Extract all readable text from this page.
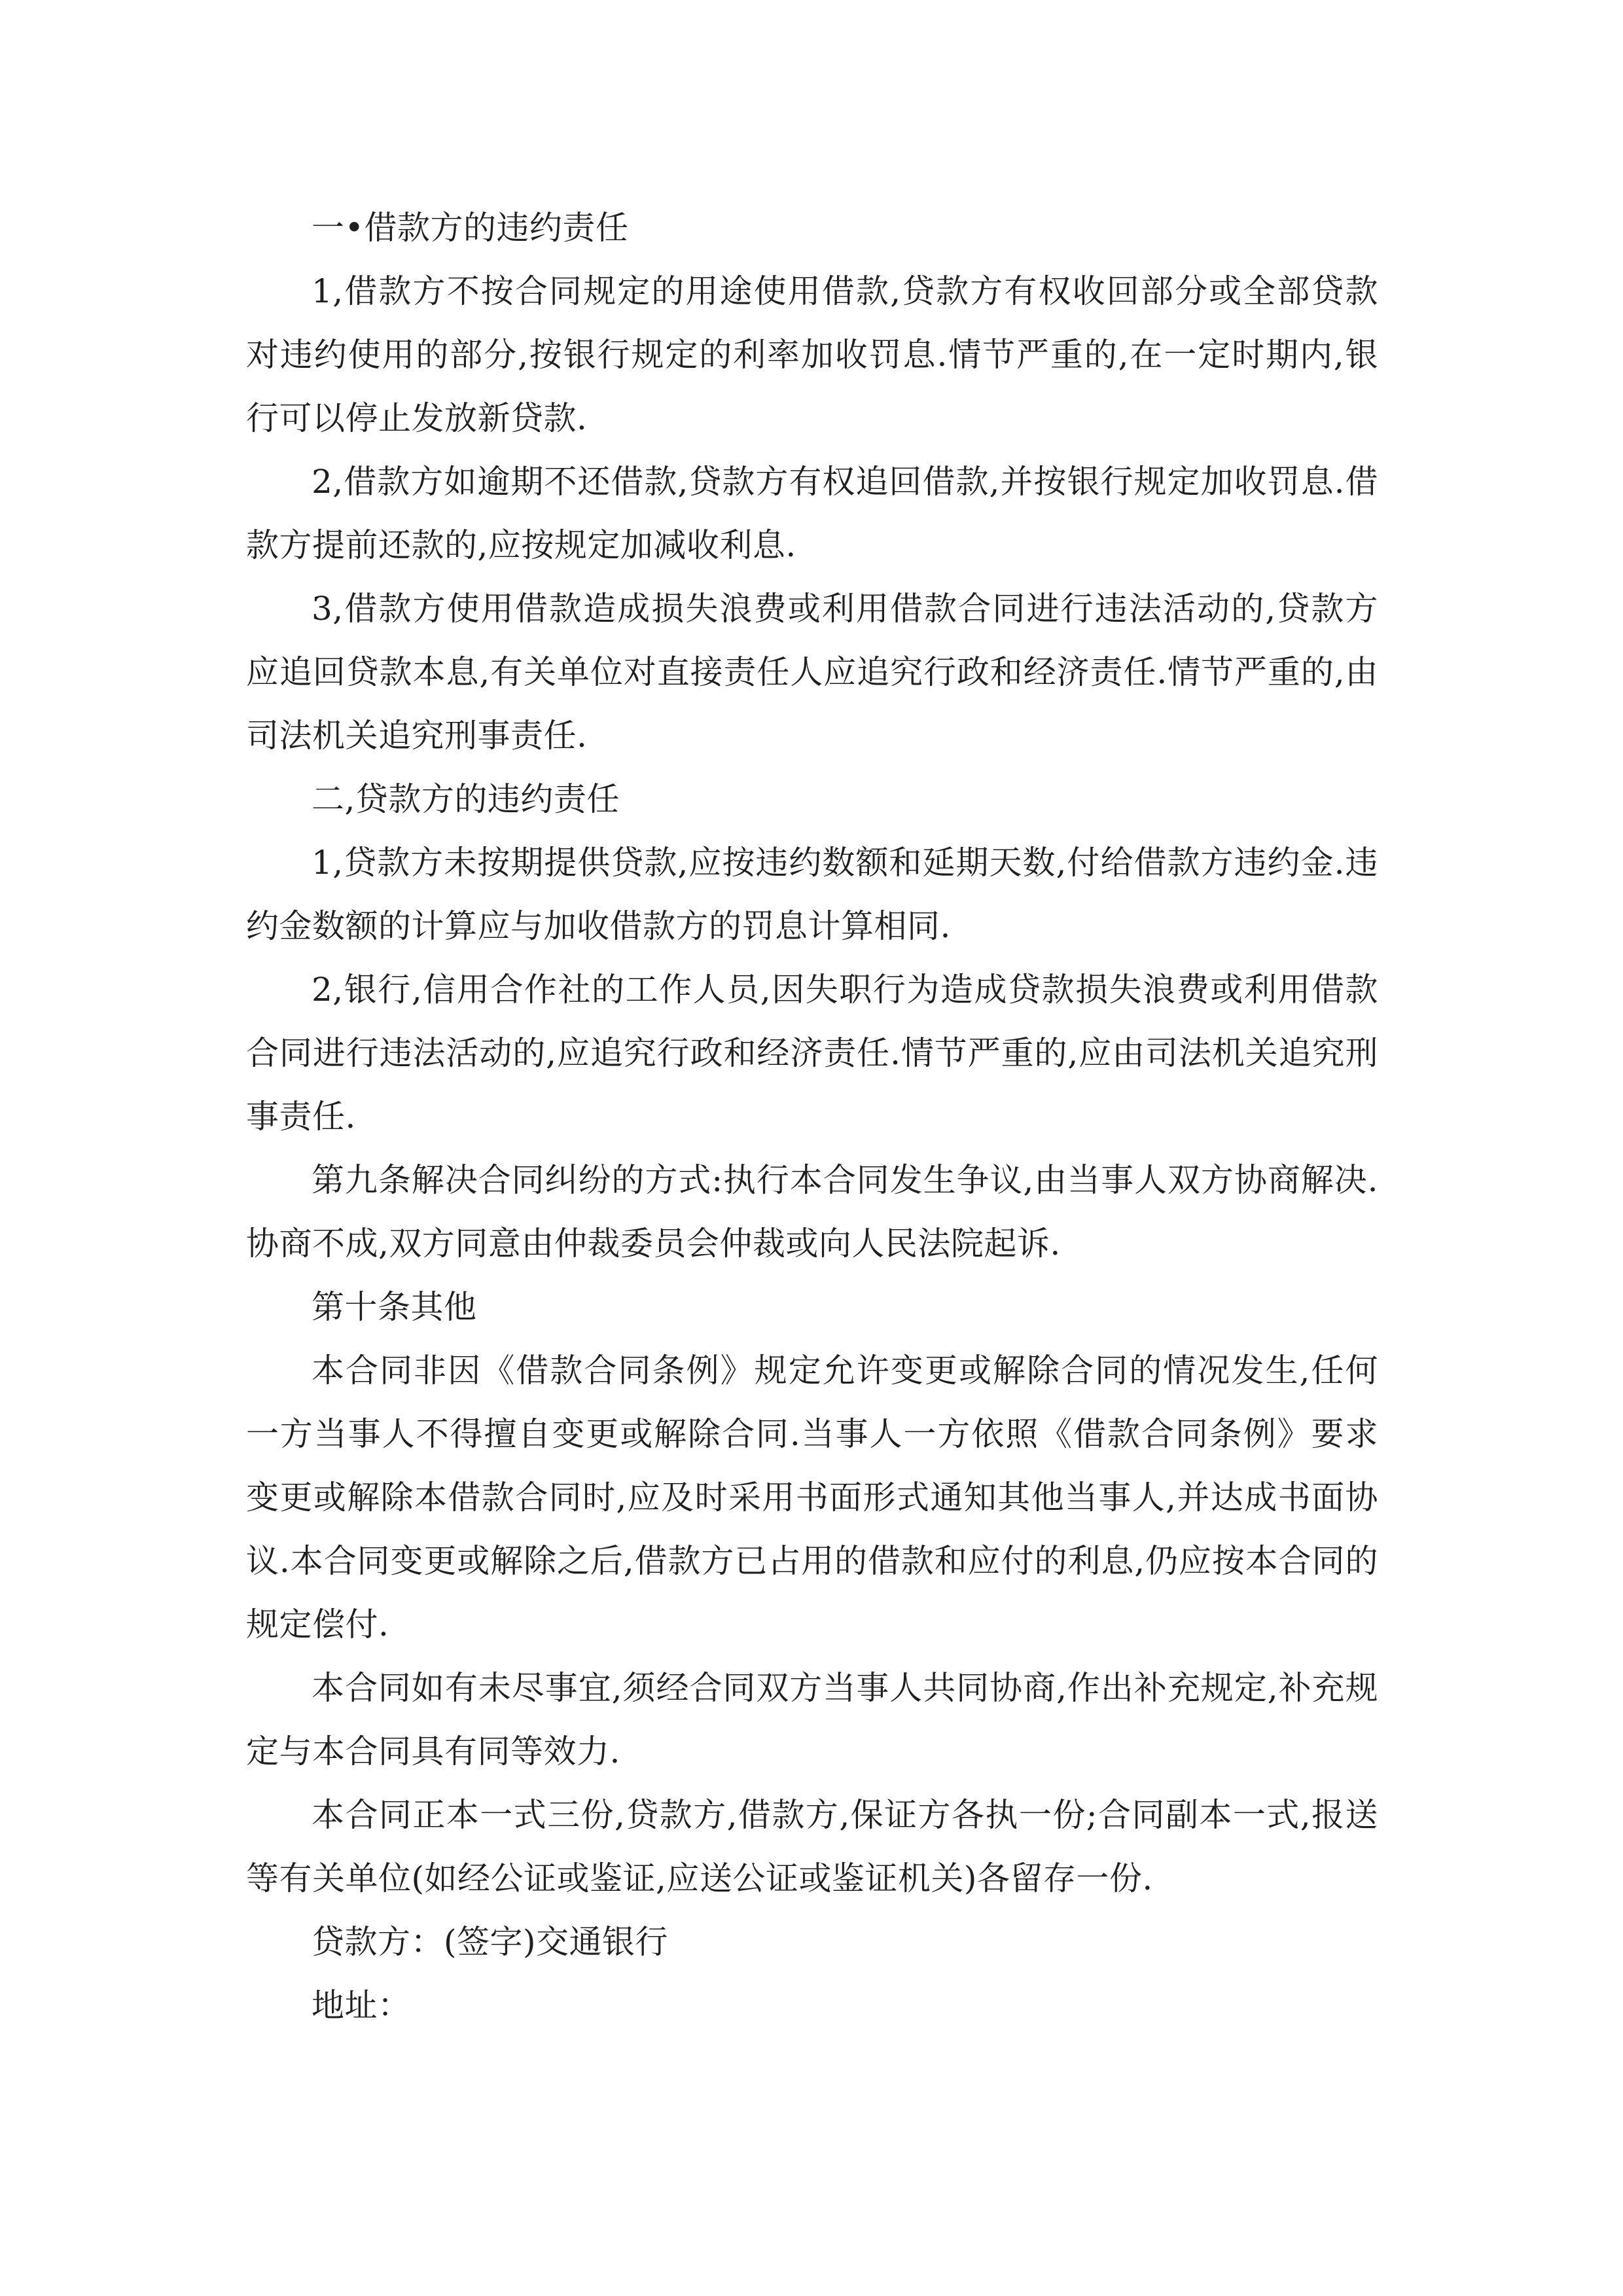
一•借款方的违约责任

1,借款方不按合同规定的用途使用借款,贷款方有权收回部分或全部贷款对违约使用的部分,按银行规定的利率加收罚息.情节严重的,在一定时期内,银行可以停止发放新贷款.

2,借款方如逾期不还借款,贷款方有权追回借款,并按银行规定加收罚息.借款方提前还款的,应按规定加减收利息.

3,借款方使用借款造成损失浪费或利用借款合同进行违法活动的,贷款方应追回贷款本息,有关单位对直接责任人应追究行政和经济责任.情节严重的,由司法机关追究刑事责任.

二,贷款方的违约责任

1,贷款方未按期提供贷款,应按违约数额和延期天数,付给借款方违约金.违约金数额的计算应与加收借款方的罚息计算相同.

2,银行,信用合作社的工作人员,因失职行为造成贷款损失浪费或利用借款合同进行违法活动的,应追究行政和经济责任.情节严重的,应由司法机关追究刑事责任.

第九条解决合同纠纷的方式:执行本合同发生争议,由当事人双方协商解决.协商不成,双方同意由仲裁委员会仲裁或向人民法院起诉.

第十条其他

本合同非因《借款合同条例》规定允许变更或解除合同的情况发生,任何一方当事人不得擅自变更或解除合同.当事人一方依照《借款合同条例》要求变更或解除本借款合同时,应及时采用书面形式通知其他当事人,并达成书面协议.本合同变更或解除之后,借款方已占用的借款和应付的利息,仍应按本合同的规定偿付.

本合同如有未尽事宜,须经合同双方当事人共同协商,作出补充规定,补充规定与本合同具有同等效力.

本合同正本一式三份,贷款方,借款方,保证方各执一份;合同副本一式,报送等有关单位(如经公证或鉴证,应送公证或鉴证机关)各留存一份.

贷款方：(签字)交通银行

地址：
